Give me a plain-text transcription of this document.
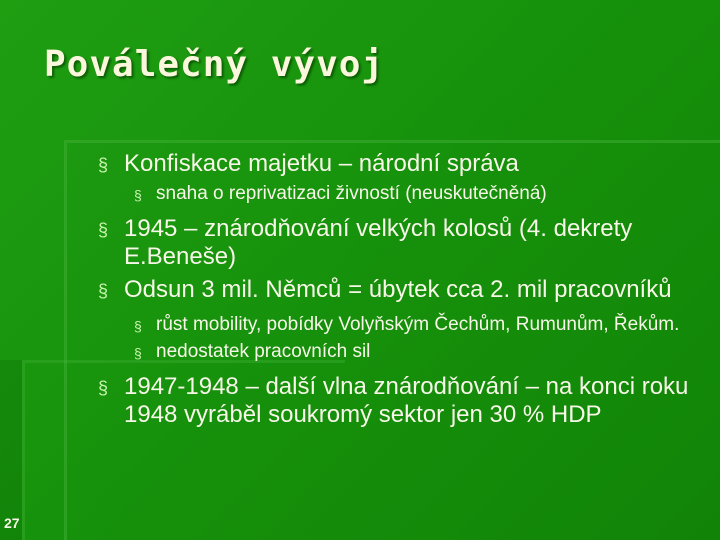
Poválečný vývoj

§ Konfiskace majetku – národní správa

§ snaha o reprivatizaci živností (neuskutečněná)

§ 1945 – znárodňování velkých kolosů (4. dekrety E.Beneše)

§ Odsun 3 mil. Němců = úbytek cca 2. mil pracovníků

§ růst mobility, pobídky Volyňským Čechům, Rumunům, Řekům.

§ nedostatek pracovních sil

§ 1947-1948 – další vlna znárodňování – na konci roku 1948 vyráběl soukromý sektor jen 30 % HDP

27
